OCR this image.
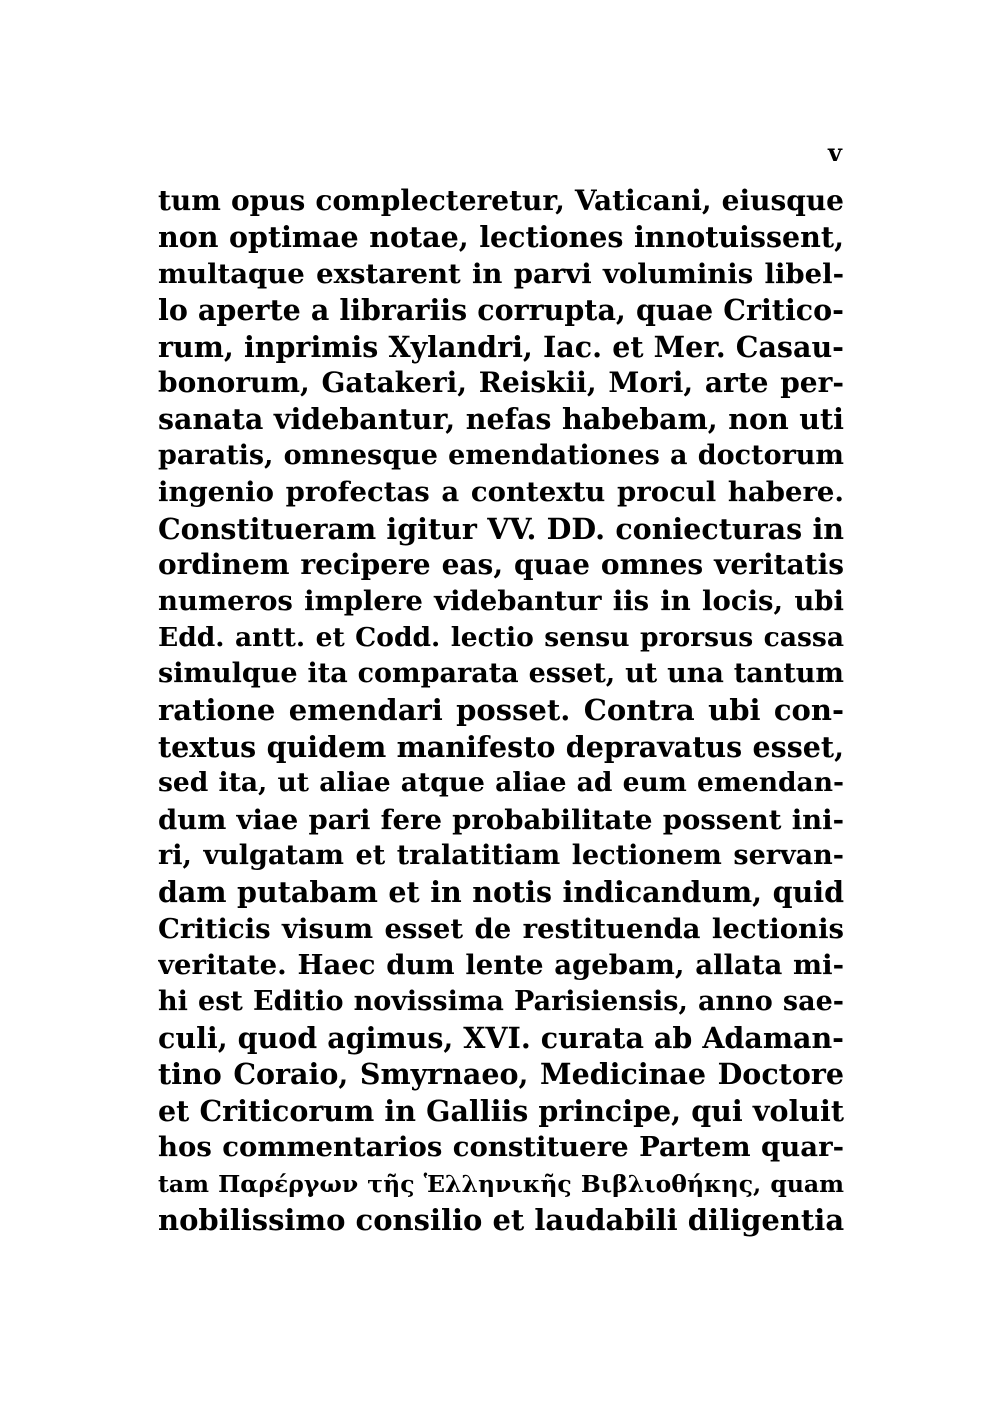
v
tum opus complecteretur, Vaticani, eiusque
non optimae notae, lectiones innotuissent,
multaque exstarent in parvi voluminis libel-
lo aperte a librariis corrupta, quae Critico-
rum, inprimis Xylandri, Iac. et Mer. Casau-
bonorum, Gatakeri, Reiskii, Mori, arte per-
sanata videbantur, nefas habebam, non uti
paratis, omnesque emendationes a doctorum
ingenio profectas a contextu procul habere.
Constitueram igitur VV. DD. coniecturas in
ordinem recipere eas, quae omnes veritatis
numeros implere videbantur iis in locis, ubi
Edd. antt. et Codd. lectio sensu prorsus cassa
simulque ita comparata esset, ut una tantum
ratione emendari posset. Contra ubi con-
textus quidem manifesto depravatus esset,
sed ita, ut aliae atque aliae ad eum emendan-
dum viae pari fere probabilitate possent ini-
ri, vulgatam et tralatitiam lectionem servan-
dam putabam et in notis indicandum, quid
Criticis visum esset de restituenda lectionis
veritate. Haec dum lente agebam, allata mi-
hi est Editio novissima Parisiensis, anno sae-
culi, quod agimus, XVI. curata ab Adaman-
tino Coraio, Smyrnaeo, Medicinae Doctore
et Criticorum in Galliis principe, qui voluit
hos commentarios constituere Partem quar-
tam Παρέργων τῆς Ἑλληνικῆς Βιβλιοθήκης, quam
nobilissimo consilio et laudabili diligentia
